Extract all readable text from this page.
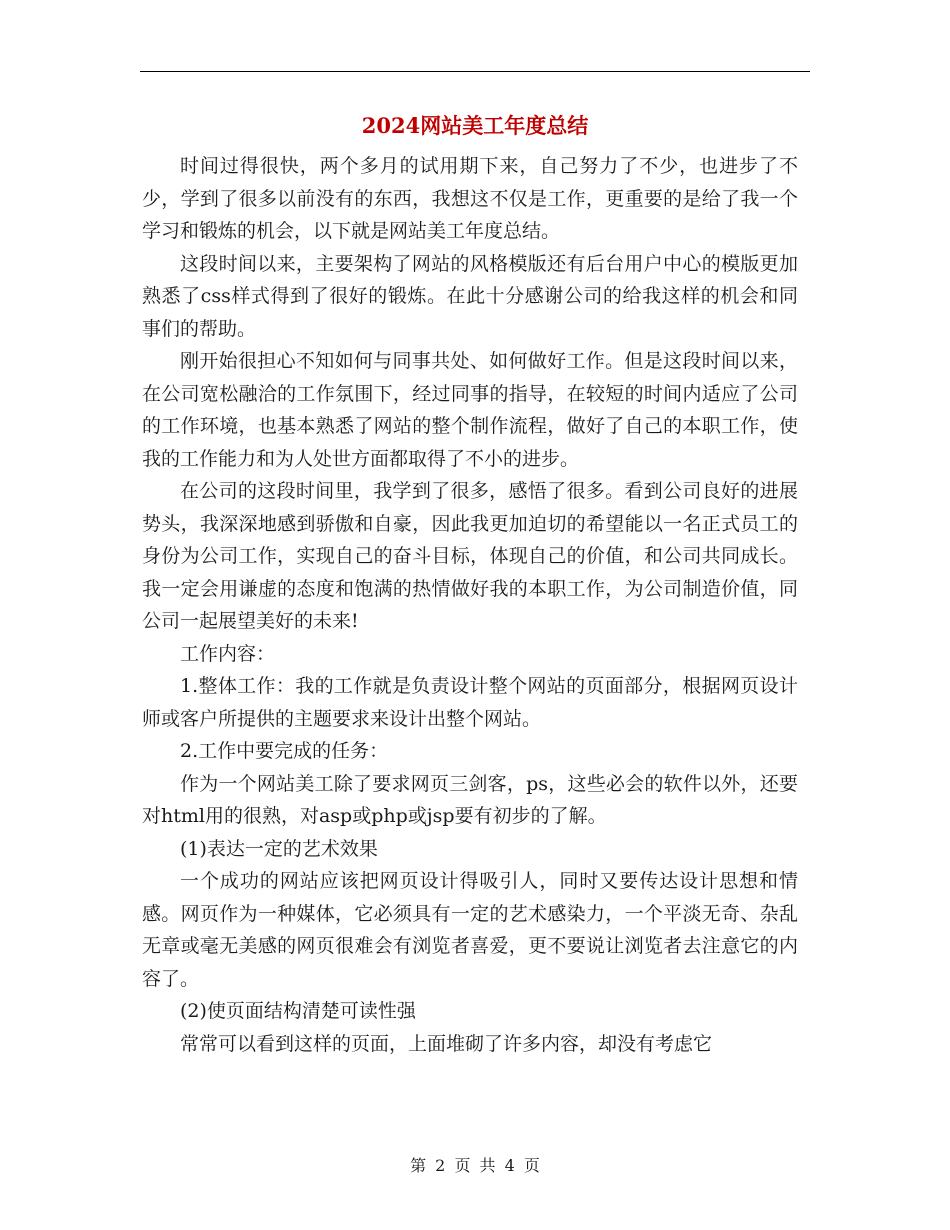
2024网站美工年度总结

时间过得很快，两个多月的试用期下来，自己努力了不少，也进步了不少，学到了很多以前没有的东西，我想这不仅是工作，更重要的是给了我一个学习和锻炼的机会，以下就是网站美工年度总结。

这段时间以来，主要架构了网站的风格模版还有后台用户中心的模版更加熟悉了css样式得到了很好的锻炼。在此十分感谢公司的给我这样的机会和同事们的帮助。

刚开始很担心不知如何与同事共处、如何做好工作。但是这段时间以来，在公司宽松融洽的工作氛围下，经过同事的指导，在较短的时间内适应了公司的工作环境，也基本熟悉了网站的整个制作流程，做好了自己的本职工作，使我的工作能力和为人处世方面都取得了不小的进步。

在公司的这段时间里，我学到了很多，感悟了很多。看到公司良好的进展势头，我深深地感到骄傲和自豪，因此我更加迫切的希望能以一名正式员工的身份为公司工作，实现自己的奋斗目标，体现自己的价值，和公司共同成长。我一定会用谦虚的态度和饱满的热情做好我的本职工作，为公司制造价值，同公司一起展望美好的未来!

工作内容：

1.整体工作：我的工作就是负责设计整个网站的页面部分，根据网页设计师或客户所提供的主题要求来设计出整个网站。

2.工作中要完成的任务：

作为一个网站美工除了要求网页三剑客，ps，这些必会的软件以外，还要对html用的很熟，对asp或php或jsp要有初步的了解。

(1)表达一定的艺术效果

一个成功的网站应该把网页设计得吸引人，同时又要传达设计思想和情感。网页作为一种媒体，它必须具有一定的艺术感染力，一个平淡无奇、杂乱无章或毫无美感的网页很难会有浏览者喜爱，更不要说让浏览者去注意它的内容了。

(2)使页面结构清楚可读性强

常常可以看到这样的页面，上面堆砌了许多内容，却没有考虑它

第 2 页 共 4 页
